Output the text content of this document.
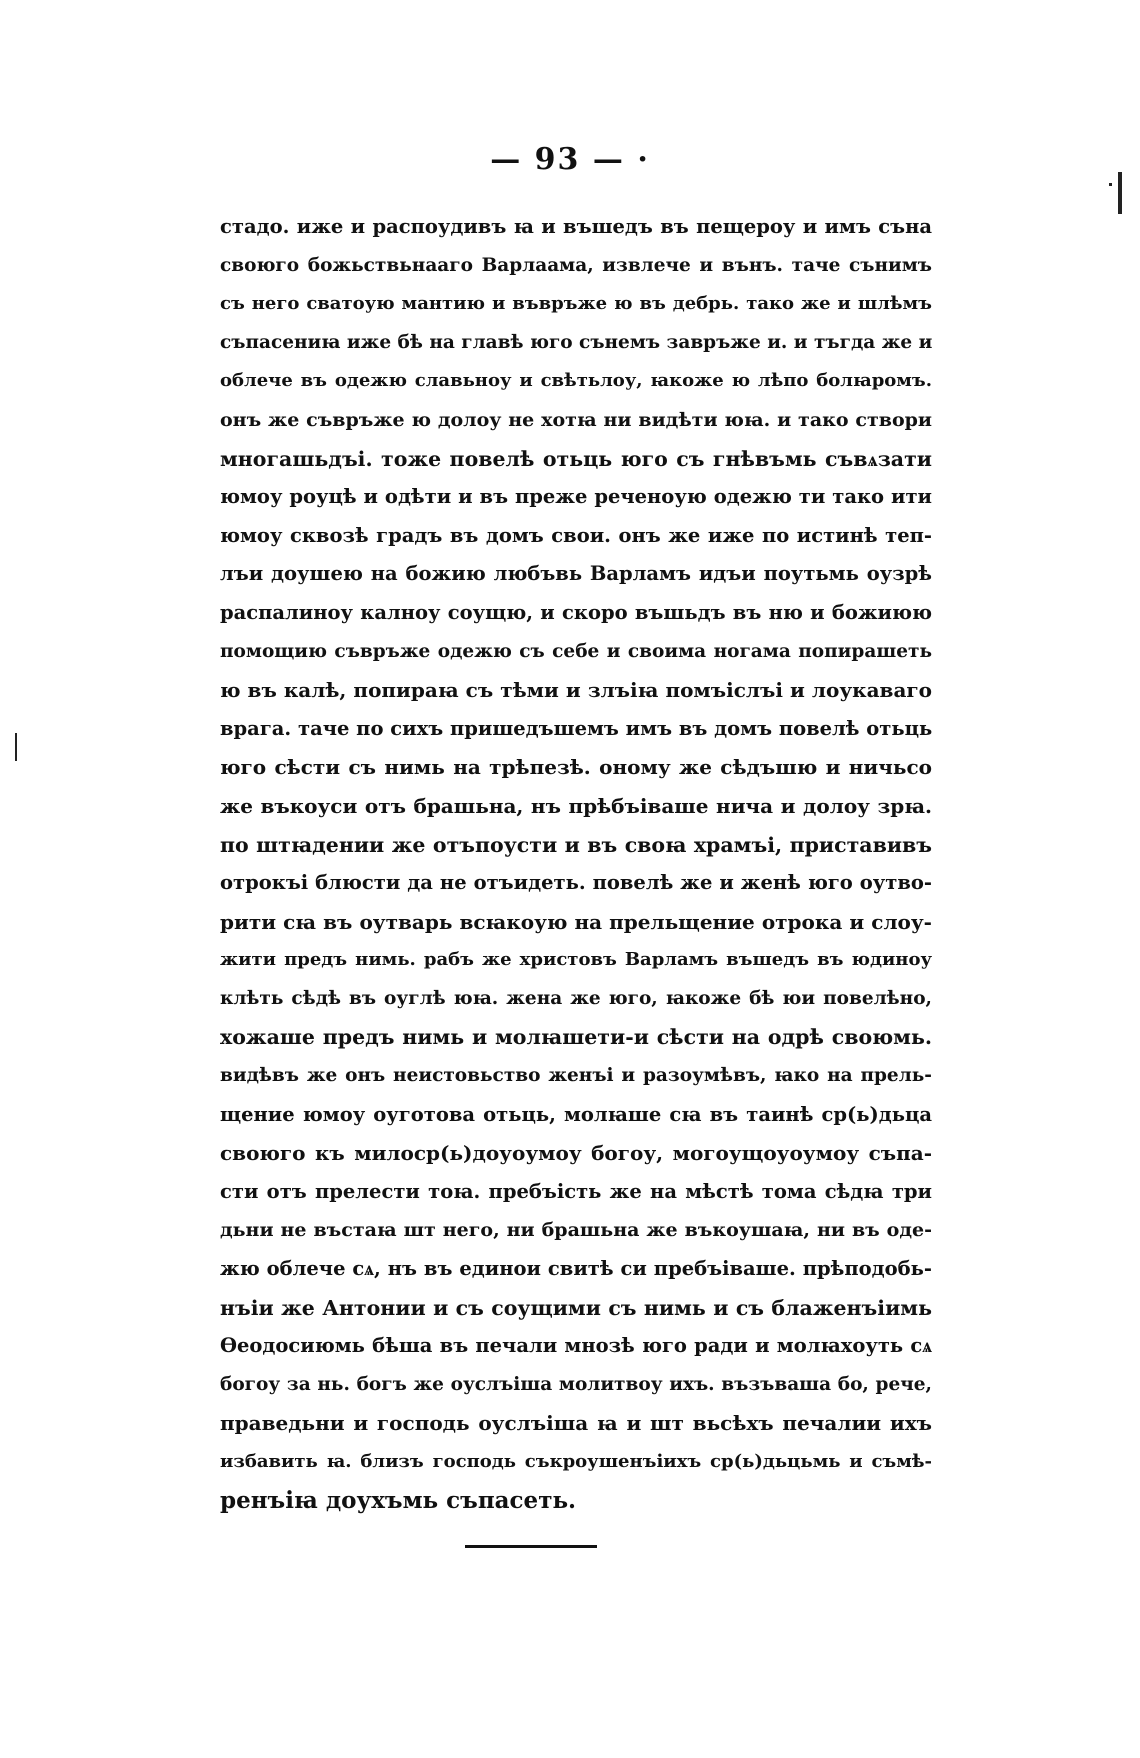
— 93 — ·
стадо. иже и распоудивъ ꙗ и въшедъ въ пещероу и имъ съна
своюго божьствьнааго Варлаама, извлече и вънъ. таче сънимъ
съ него сватоую мантию и въвръже ю въ дебрь. тако же и шлѣмъ
съпасениꙗ иже бѣ на главѣ юго сънемъ завръже и. и тъгда же и
облече въ одежю славьноу и свѣтьлоу, ꙗкоже ю лѣпо болꙗромъ.
онъ же съвръже ю долоу не хотꙗ ни видѣти юꙗ. и тако створи
многашьдъі. тоже повелѣ отьць юго съ гнѣвъмь съвѧзати
юмоу роуцѣ и одѣти и въ преже реченоую одежю ти тако ити
юмоу сквозѣ градъ въ домъ свои. онъ же иже по истинѣ теп-
лъи доушею на божию любъвь Варламъ идъи поутьмь оузрѣ
распалиноу калноу соущю, и скоро въшьдъ въ ню и божиюю
помощию съвръже одежю съ себе и своима ногама попирашеть
ю въ калѣ, попираꙗ съ тѣми и злъіꙗ помъіслъі и лоукаваго
врага. таче по сихъ пришедъшемъ имъ въ домъ повелѣ отьць
юго сѣсти съ нимь на трѣпезѣ. оному же сѣдъшю и ничьсо
же въкоуси отъ брашьна, нъ прѣбъіваше нича и долоу зрꙗ.
по штꙗдении же отъпоусти и въ своꙗ храмъі, приставивъ
отрокъі блюсти да не отъидеть. повелѣ же и женѣ юго оутво-
рити сꙗ въ оутварь всꙗкоую на прельщение отрока и слоу-
жити предъ нимь. рабъ же христовъ Варламъ въшедъ въ юдиноу
клѣть сѣдѣ въ оуглѣ юꙗ. жена же юго, ꙗкоже бѣ юи повелѣно,
хожаше предъ нимь и молꙗшети-и сѣсти на одрѣ своюмь.
видѣвъ же онъ неистовьство женъі и разоумѣвъ, ꙗко на прель-
щение юмоу оуготова отьць, молꙗше сꙗ въ таинѣ ср(ь)дьца
своюго къ милоср(ь)доуоумоу богоу, могоущоуоумоу съпа-
сти отъ прелести тоꙗ. пребъість же на мѣстѣ тома сѣдꙗ три
дьни не въстаꙗ шт него, ни брашьна же въкоушаꙗ, ни въ оде-
жю облече сѧ, нъ въ единои свитѣ си пребъіваше. прѣподобь-
нъіи же Антонии и съ соущими съ нимь и съ блаженъіимь
Ѳеодосиюмь бѣша въ печали мнозѣ юго ради и молꙗхоуть сѧ
богоу за нь. богъ же оуслъіша молитвоу ихъ. възъваша бо, рече,
праведьни и господь оуслъіша ꙗ и шт вьсѣхъ печалии ихъ
избавить ꙗ. близъ господь съкроушенъіихъ ср(ь)дьцьмь и съмѣ-
ренъіꙗ доухъмь съпасеть.
